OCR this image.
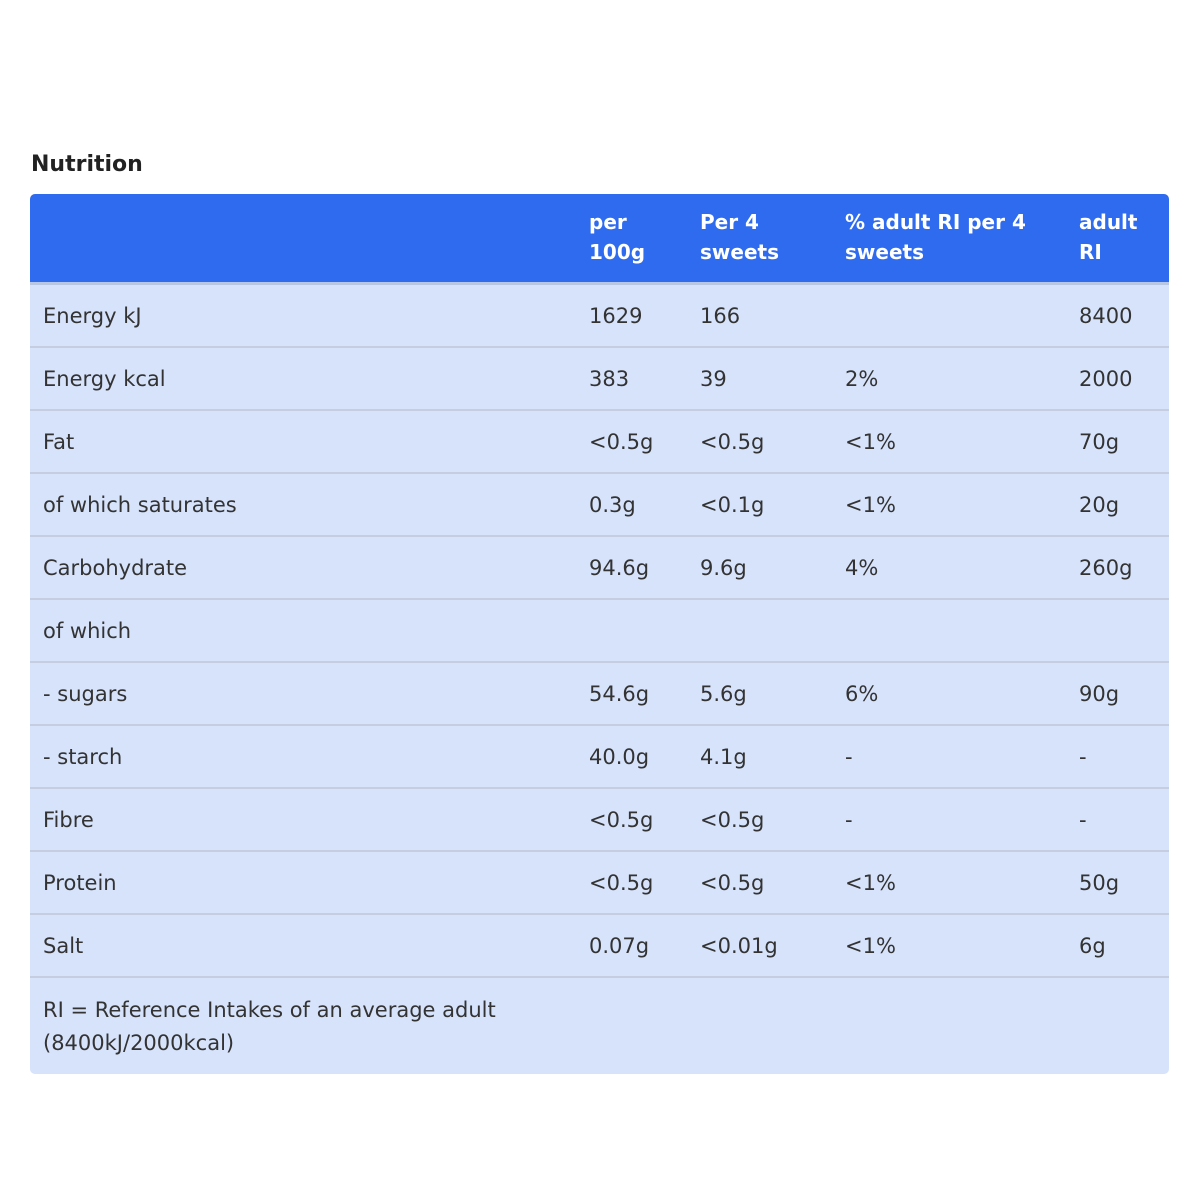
Nutrition
	per 100g	Per 4 sweets	% adult RI per 4 sweets	adult RI
Energy kJ	1629	166		8400
Energy kcal	383	39	2%	2000
Fat	<0.5g	<0.5g	<1%	70g
of which saturates	0.3g	<0.1g	<1%	20g
Carbohydrate	94.6g	9.6g	4%	260g
of which				
- sugars	54.6g	5.6g	6%	90g
- starch	40.0g	4.1g	-	-
Fibre	<0.5g	<0.5g	-	-
Protein	<0.5g	<0.5g	<1%	50g
Salt	0.07g	<0.01g	<1%	6g
RI = Reference Intakes of an average adult (8400kJ/2000kcal)				
